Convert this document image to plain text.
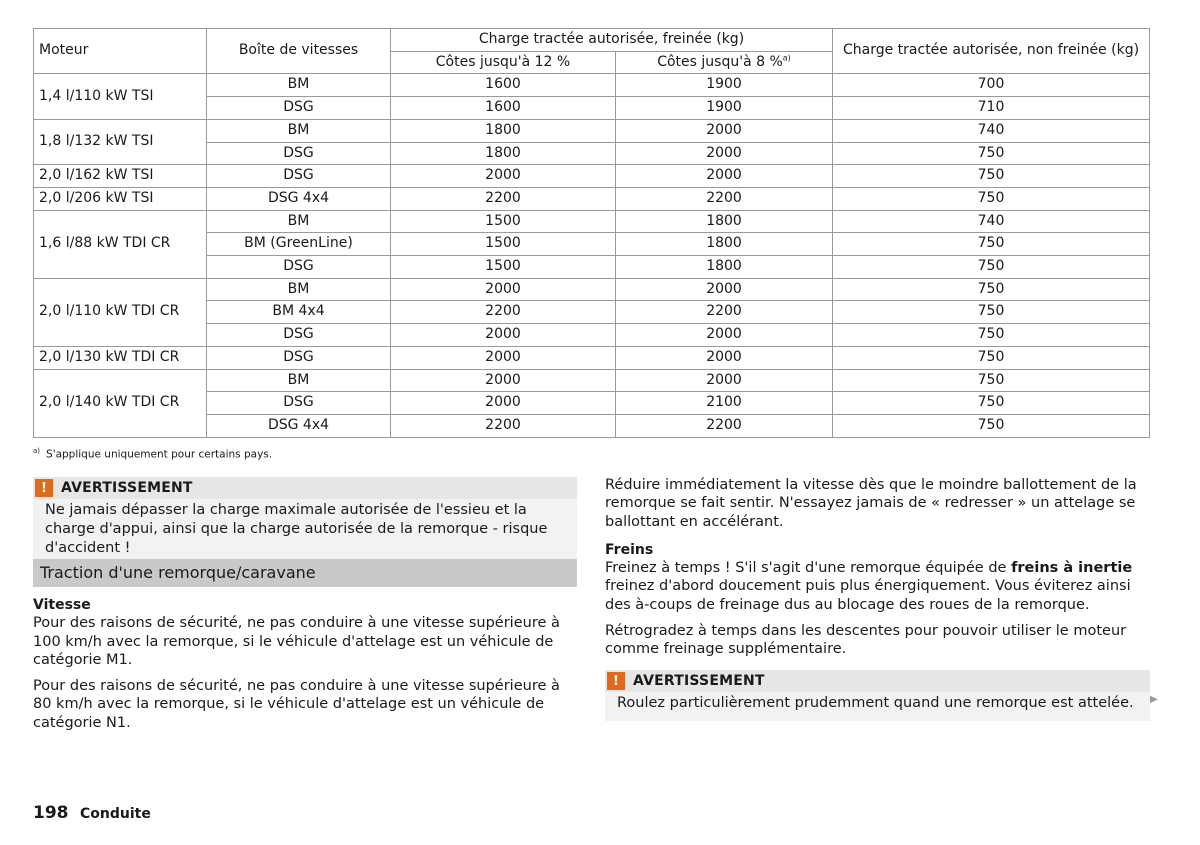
Moteur	Boîte de vitesses	Charge tractée autorisée, freinée (kg)		Charge tractée autorisée, non freinée (kg)
		Côtes jusqu'à 12 %	Côtes jusqu'à 8 %$^{a)}$
1,4 l/110 kW TSI	BM	1600	1900	700
	DSG	1600	1900	710
1,8 l/132 kW TSI	BM	1800	2000	740
	DSG	1800	2000	750
2,0 l/162 kW TSI	DSG	2000	2000	750
2,0 l/206 kW TSI	DSG 4x4	2200	2200	750
1,6 l/88 kW TDI CR	BM	1500	1800	740
	BM (GreenLine)	1500	1800	750
	DSG	1500	1800	750
2,0 l/110 kW TDI CR	BM	2000	2000	750
	BM 4x4	2200	2200	750
	DSG	2000	2000	750
2,0 l/130 kW TDI CR	DSG	2000	2000	750
2,0 l/140 kW TDI CR	BM	2000	2000	750
	DSG	2000	2100	750
	DSG 4x4	2200	2200	750
$^{a)}$ S'applique uniquement pour certains pays.
!	AVERTISSEMENT
Ne jamais dépasser la charge maximale autorisée de l'essieu et la charge d'appui, ainsi que la charge autorisée de la remorque - risque d'accident !
Traction d'une remorque/caravane
Vitesse
Pour des raisons de sécurité, ne pas conduire à une vitesse supérieure à 100 km/h avec la remorque, si le véhicule d'attelage est un véhicule de catégorie M1.
Pour des raisons de sécurité, ne pas conduire à une vitesse supérieure à 80 km/h avec la remorque, si le véhicule d'attelage est un véhicule de catégorie N1.
Réduire immédiatement la vitesse dès que le moindre ballottement de la remorque se fait sentir. N'essayez jamais de « redresser » un attelage se ballottant en accélérant.
Freins
Freinez à temps ! S'il s'agit d'une remorque équipée de freins à inertie freinez d'abord doucement puis plus énergiquement. Vous éviterez ainsi des à-coups de freinage dus au blocage des roues de la remorque.
Rétrogradez à temps dans les descentes pour pouvoir utiliser le moteur comme freinage supplémentaire.
!	AVERTISSEMENT
Roulez particulièrement prudemment quand une remorque est attelée.	▶
198 Conduite
